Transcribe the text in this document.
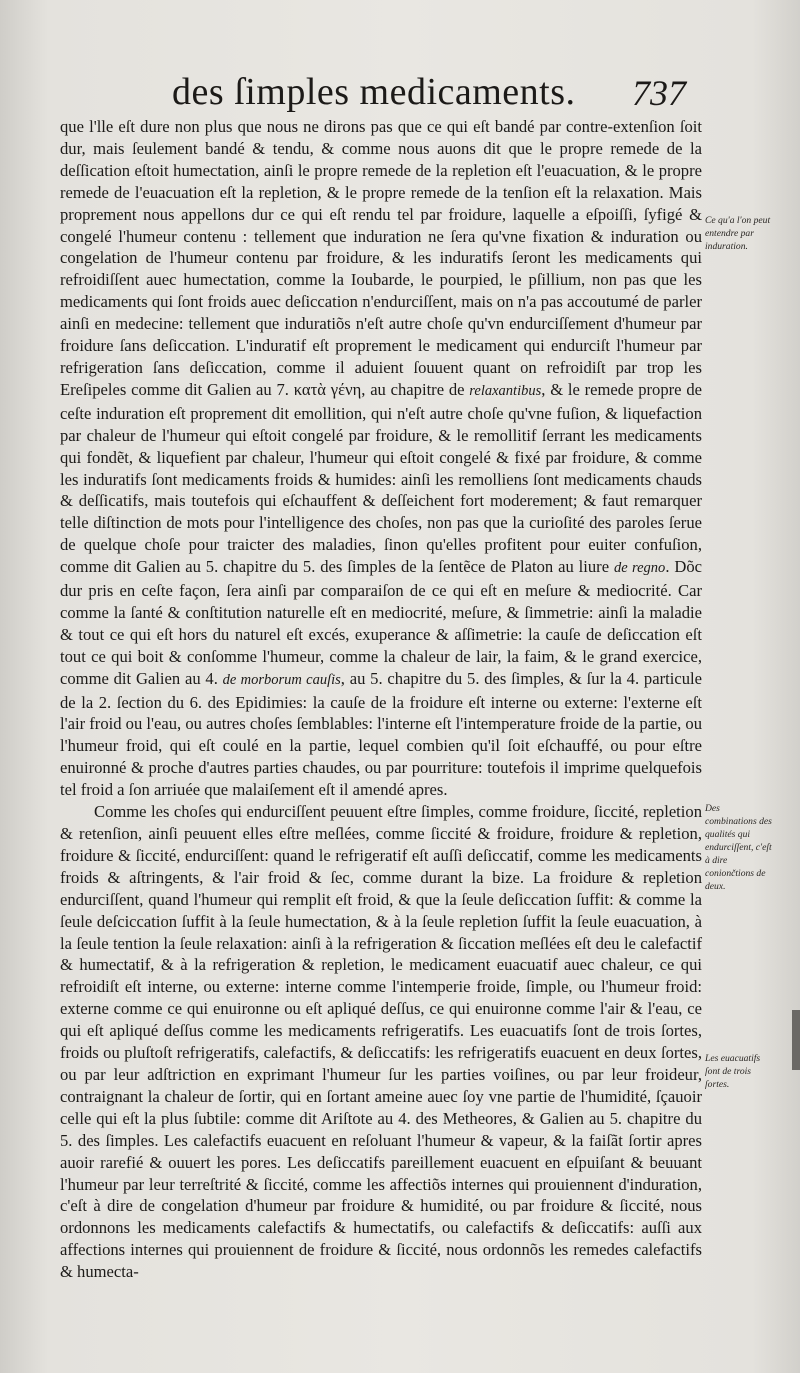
des ſimples medicaments. 737

que l'lle eſt dure non plus que nous ne dirons pas que ce qui eſt bandé par contre-extenſion ſoit dur, mais ſeulement bandé & tendu, & comme nous auons dit que le propre remede de la deſſication eſtoit humectation, ainſi le propre remede de la repletion eſt l'euacuation, & le propre remede de l'euacuation eſt la repletion, & le propre remede de la tenſion eſt la relaxation. Mais proprement nous appellons dur ce qui eſt rendu tel par froidure, laquelle a eſpoiſſi, ſyfigé & congelé l'humeur contenu : tellement que induration ne ſera qu'vne fixation & induration ou congelation de l'humeur contenu par froidure, & les induratifs ſeront les medicaments qui refroidiſſent auec humectation, comme la Ioubarde, le pourpied, le pſillium, non pas que les medicaments qui ſont froids auec deſiccation n'endurciſſent, mais on n'a pas accoutumé de parler ainſi en medecine: tellement que induratiõs n'eſt autre choſe qu'vn endurciſſement d'humeur par froidure ſans deſiccation. L'induratif eſt proprement le medicament qui endurciſt l'humeur par refrigeration ſans deſiccation, comme il aduient ſouuent quant on refroidiſt par trop les Ereſipeles comme dit Galien au 7. κατὰ γένη, au chapitre de relaxantibus, & le remede propre de ceſte induration eſt proprement dit emollition, qui n'eſt autre choſe qu'vne fuſion, & liquefaction par chaleur de l'humeur qui eſtoit congelé par froidure, & le remollitif ſerrant les medicaments qui fondẽt, & liquefient par chaleur, l'humeur qui eſtoit congelé & fixé par froidure, & comme les induratifs ſont medicaments froids & humides: ainſi les remolliens ſont medicaments chauds & deſſicatifs, mais toutefois qui eſchauffent & deſſeichent fort moderement; & faut remarquer telle diſtinction de mots pour l'intelligence des choſes, non pas que la curioſité des paroles ſerue de quelque choſe pour traicter des maladies, ſinon qu'elles profitent pour euiter confuſion, comme dit Galien au 5. chapitre du 5. des ſimples de la ſentẽce de Platon au liure de regno. Dõc dur pris en ceſte façon, ſera ainſi par comparaiſon de ce qui eſt en meſure & mediocrité. Car comme la ſanté & conſtitution naturelle eſt en mediocrité, meſure, & ſimmetrie: ainſi la maladie & tout ce qui eſt hors du naturel eſt excés, exuperance & aſſimetrie: la cauſe de deſiccation eſt tout ce qui boit & conſomme l'humeur, comme la chaleur de lair, la faim, & le grand exercice, comme dit Galien au 4. de morborum cauſis, au 5. chapitre du 5. des ſimples, & ſur la 4. particule de la 2. ſection du 6. des Epidimies: la cauſe de la froidure eſt interne ou externe: l'externe eſt l'air froid ou l'eau, ou autres choſes ſemblables: l'interne eſt l'intemperature froide de la partie, ou l'humeur froid, qui eſt coulé en la partie, lequel combien qu'il ſoit eſchauffé, ou pour eſtre enuironné & proche d'autres parties chaudes, ou par pourriture: toutefois il imprime quelquefois tel froid a ſon arriuée que malaiſement eſt il amendé apres.

Comme les choſes qui endurciſſent peuuent eſtre ſimples, comme froidure, ſiccité, repletion & retenſion, ainſi peuuent elles eſtre meſlées, comme ſiccité & froidure, froidure & repletion, froidure & ſiccité, endurciſſent: quand le refrigeratif eſt auſſi deſiccatif, comme les medicaments froids & aſtringents, & l'air froid & ſec, comme durant la bize. La froidure & repletion endurciſſent, quand l'humeur qui remplit eſt froid, & que la ſeule deſiccation ſuffit: & comme la ſeule deſciccation ſuffit à la ſeule humectation, & à la ſeule repletion ſuffit la ſeule euacuation, à la ſeule tention la ſeule relaxation: ainſi à la refrigeration & ſiccation meſlées eſt deu le calefactif & humectatif, & à la refrigeration & repletion, le medicament euacuatif auec chaleur, ce qui refroidiſt eſt interne, ou externe: interne comme l'intemperie froide, ſimple, ou l'humeur froid: externe comme ce qui enuironne ou eſt apliqué deſſus, ce qui enuironne comme l'air & l'eau, ce qui eſt apliqué deſſus comme les medicaments refrigeratifs. Les euacuatifs ſont de trois ſortes, froids ou pluſtoſt refrigeratifs, calefactifs, & deſiccatifs: les refrigeratifs euacuent en deux ſortes, ou par leur adſtriction en exprimant l'humeur ſur les parties voiſines, ou par leur froideur, contraignant la chaleur de ſortir, qui en ſortant ameine auec ſoy vne partie de l'humidité, ſçauoir celle qui eſt la plus ſubtile: comme dit Ariſtote au 4. des Metheores, & Galien au 5. chapitre du 5. des ſimples. Les calefactifs euacuent en reſoluant l'humeur & vapeur, & la faiſãt ſortir apres auoir rarefié & ouuert les pores. Les deſiccatifs pareillement euacuent en eſpuiſant & beuuant l'humeur par leur terreſtrité & ſiccité, comme les affectiõs internes qui prouiennent d'induration, c'eſt à dire de congelation d'humeur par froidure & humidité, ou par froidure & ſiccité, nous ordonnons les medicaments calefactifs & humectatifs, ou calefactifs & deſiccatifs: auſſi aux affections internes qui prouiennent de froidure & ſiccité, nous ordonnõs les remedes calefactifs & humecta-

Ce qu'a l'on peut entendre par induration.
Des combinations des qualités qui endurciſſent, c'eſt à dire coniončtions de deux.
Les euacuatifs ſont de trois ſortes.
